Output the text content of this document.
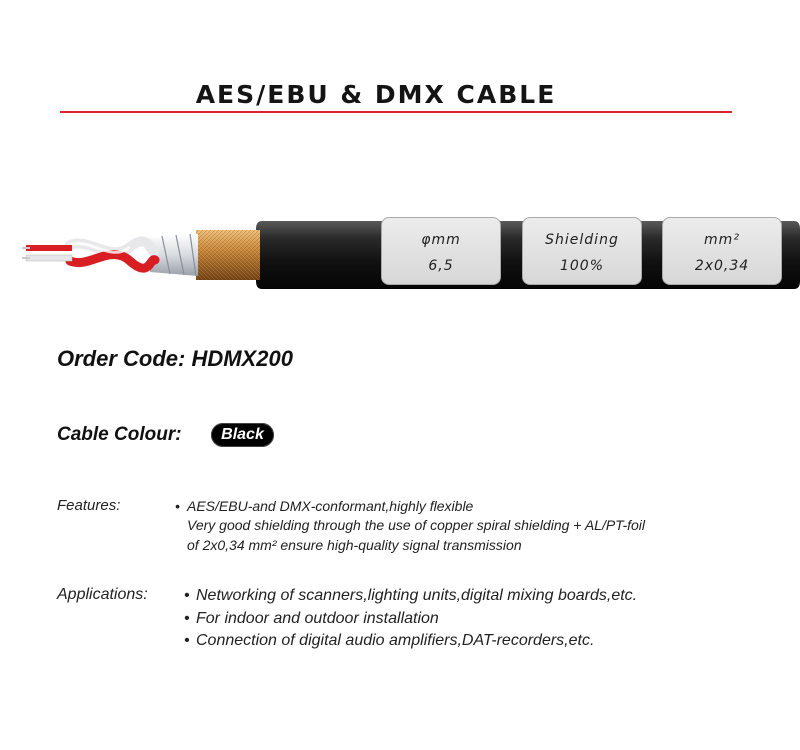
AES/EBU & DMX CABLE
φmm
6,5
Shielding
100%
mm²
2x0,34
Order Code: HDMX200
Cable Colour:	Black
Features:	• AES/EBU-and DMX-conformant,highly flexible
Very good shielding through the use of copper spiral shielding + AL/PT-foil
of 2x0,34 mm² ensure high-quality signal transmission
Applications: • Networking of scanners,lighting units,digital mixing boards,etc.
• For indoor and outdoor installation
• Connection of digital audio amplifiers,DAT-recorders,etc.
